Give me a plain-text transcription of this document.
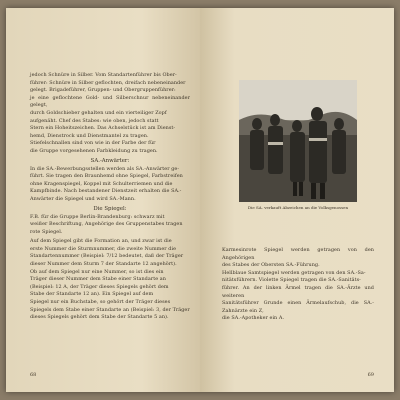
jedoch Schnüre in Silber. Vom Standartenführer bis Ober-

führer: Schnüre in Silber geflochten, dreifach nebeneinander

gelegt. Brigadeführer, Gruppen- und Obergruppenführer:

je eine geflochtene Gold- und Silberschnur nebeneinander gelegt,

durch Goldschieber gehalten und ein vierteiliger Zopf

aufgenäht. Chef des Stabes: wie oben, jedoch statt

Stern ein Hoheitszeichen. Das Achselstück ist am Dienst-

hemd, Dienstrock und Dienstmantel zu tragen.

Stiefelschnallen sind von wie in der Farbe der für

die Gruppe vorgesehenen Farbkleidung zu tragen.

SA.-Anwärter:

In die SA.-Bewerbungsstellen werden als SA.-Anwärter ge-

führt. Sie tragen den Braunhemd ohne Spiegel, Farbstreifen

ohne Kragenspiegel, Koppel mit Schulterriemen und die

Kampfbinde. Nach bestandener Dienstzeit erhalten die SA.-

Anwärter die Spiegel und wird SA.-Mann.

Die Spiegel:

F.B. für die Gruppe Berlin-Brandenburg: schwarz mit

weißer Beschriftung, Angehörige des Gruppenstabes tragen

rote Spiegel.

Auf dem Spiegel gibt die Formation an, und zwar ist die

erste Nummer die Sturmnummer, die zweite Nummer die

Standartennummer (Beispiel: 7/12 bedeutet, daß der Träger

dieser Nummer dem Sturm 7 der Standarte 12 angehört).

Ob auf dem Spiegel nur eine Nummer, so ist dies ein

Träger dieser Nummer dem Stabe einer Standarte an

(Beispiel: 12 A, der Träger dieses Spiegels gehört dem

Stabe der Standarte 12 an). Ein Spiegel auf dem

Spiegel nur ein Buchstabe, so gehört der Träger dieses

Spiegels dem Stabe einer Standarte an (Beispiel: 3, der Träger

dieses Spiegels gehört dem Stabe der Standarte 5 an).

68

Die SA. verkauft Abzeichen an die Volksgenossen

Karmesinrote Spiegel werden getragen von den Angehörigen

des Stabes der Obersten SA.-Führung.

Hellblaue Samtspiegel werden getragen von den SA.-Sa-

nitätsführern. Violette Spiegel tragen die SA.-Sanitäts-

führer. An der linken Ärmel tragen die SA.-Ärzte und weiteren

Sanitätsführer Grunde einen Ärmelaufschub, die SA.-Zahnärzte ein Z,

die SA.-Apotheker ein A.

69
